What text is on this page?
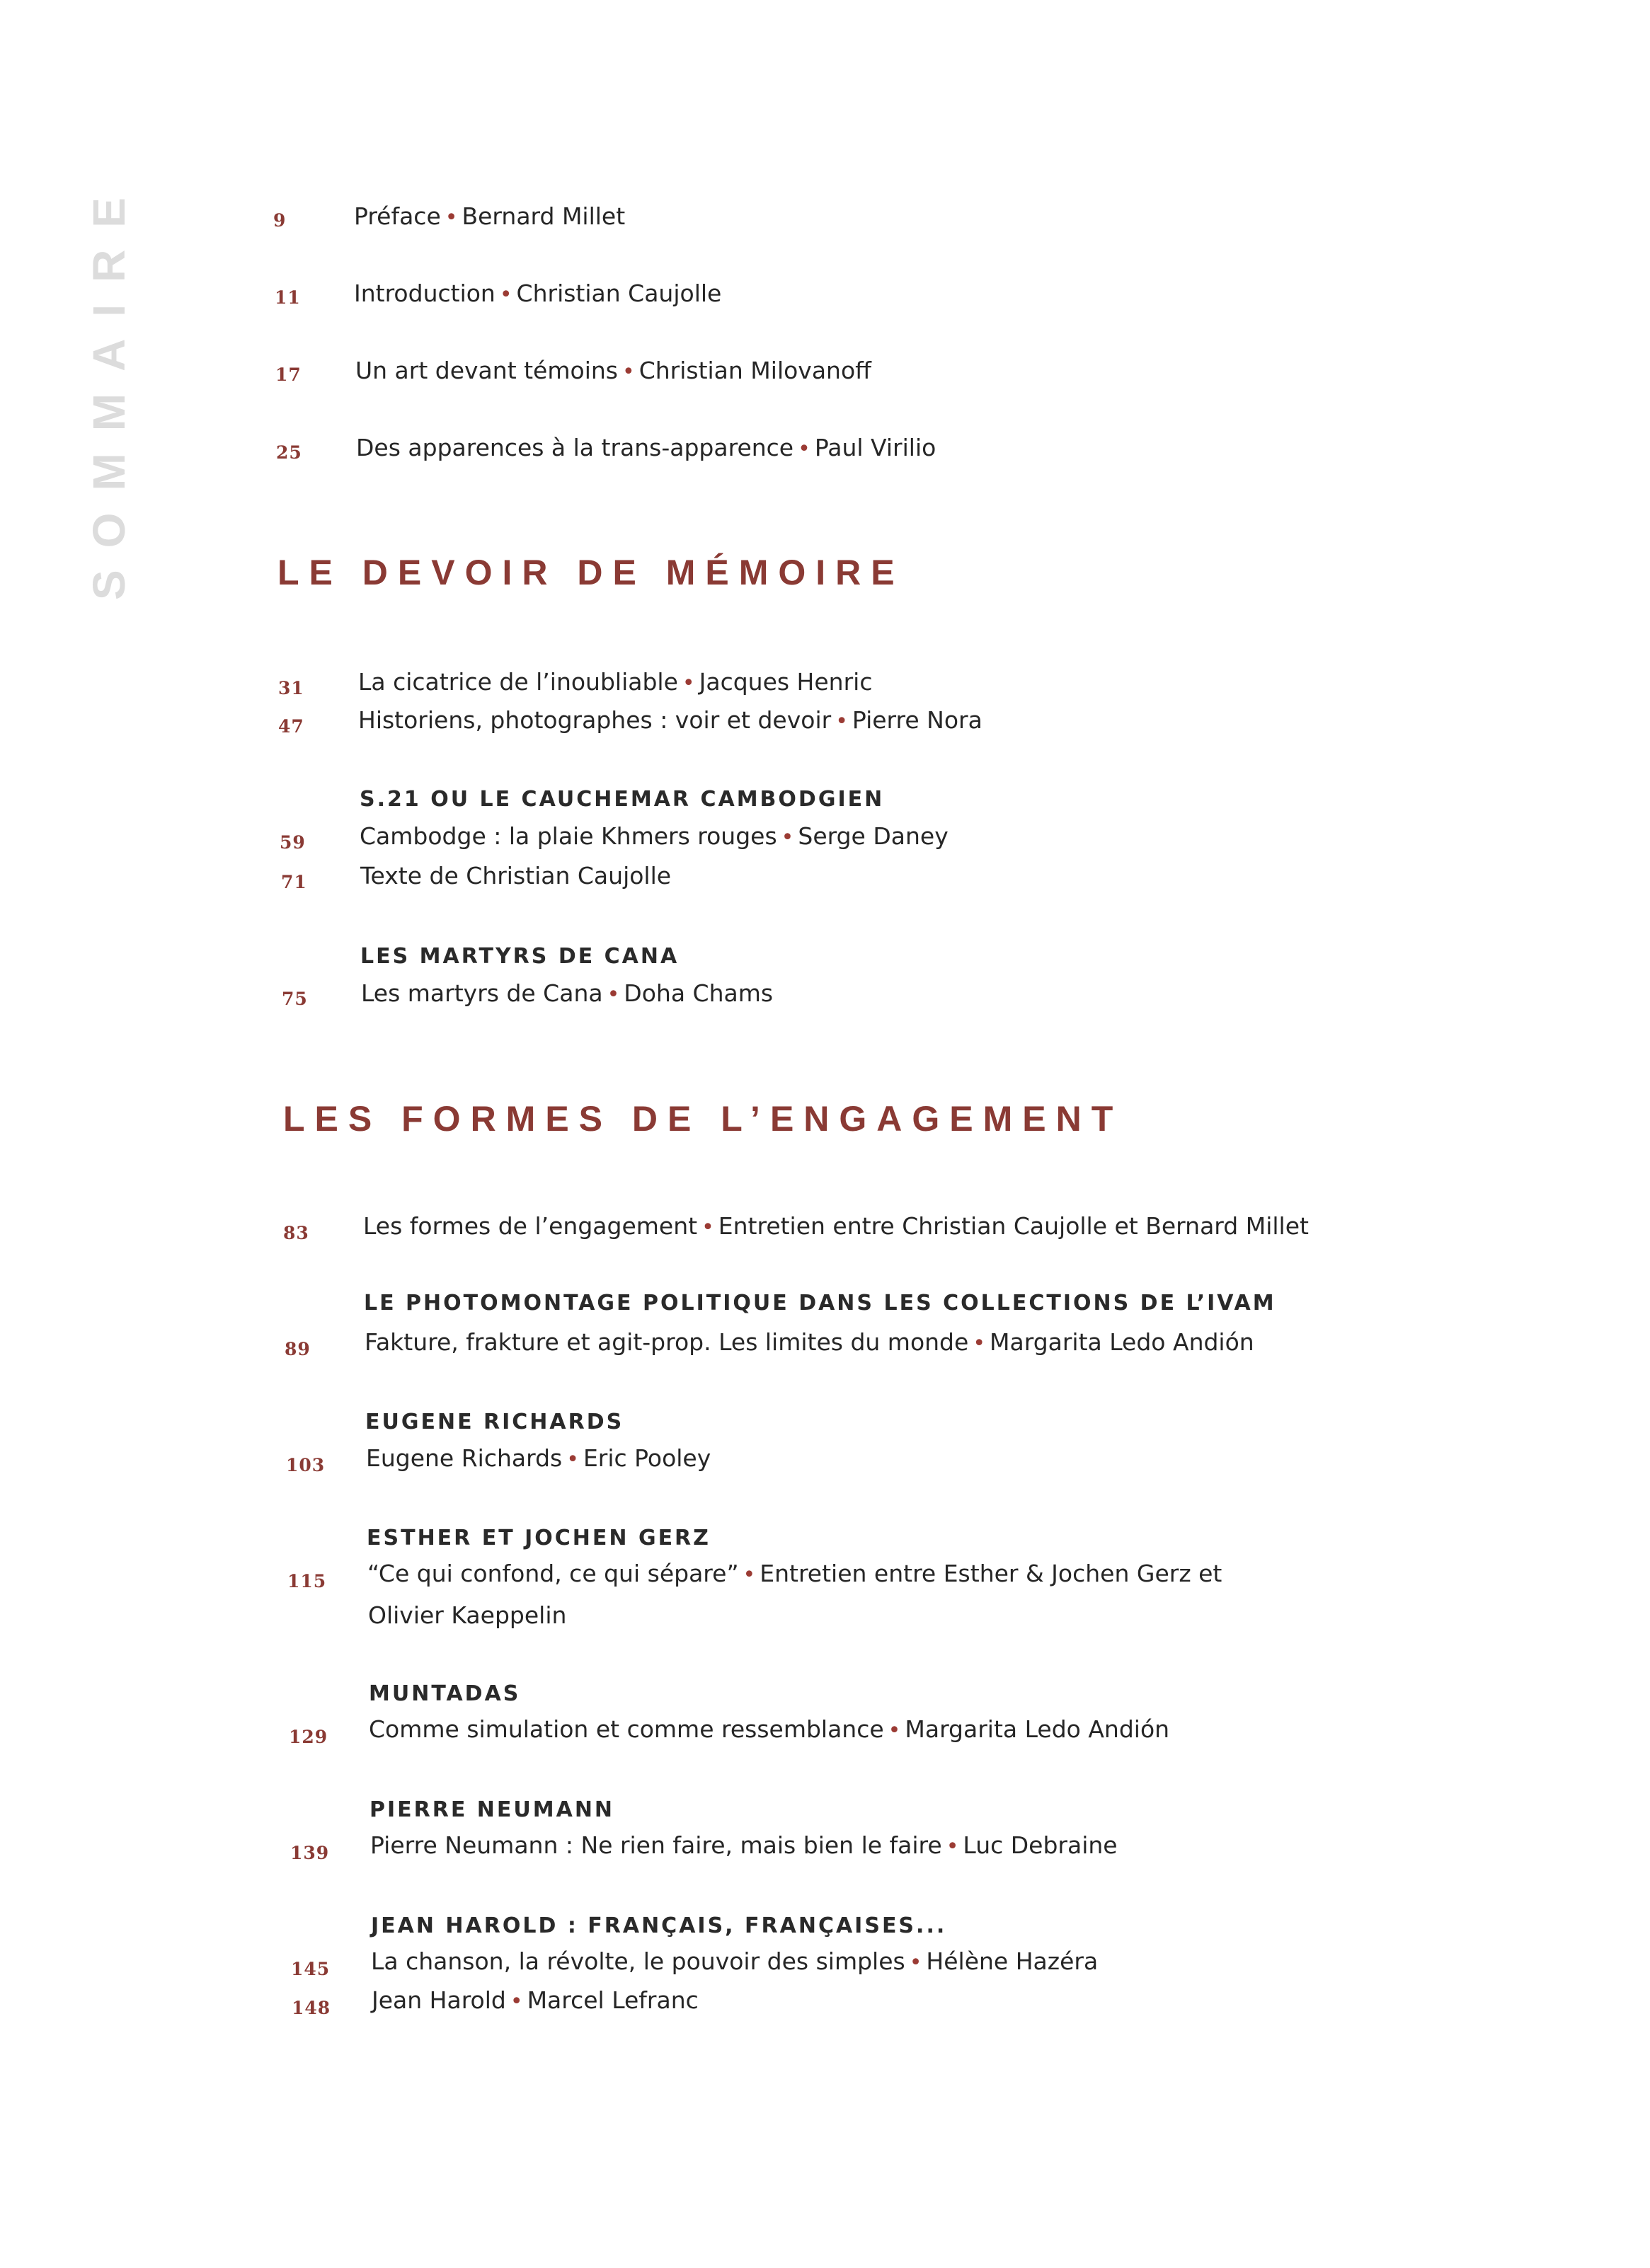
SOMMAIRE	9	Préface • Bernard Millet
11	Introduction • Christian Caujolle
17	Un art devant témoins • Christian Milovanoff
25	Des apparences à la trans-apparence • Paul Virilio
LE DEVOIR DE MÉMOIRE
31	La cicatrice de l’inoubliable • Jacques Henric
47	Historiens, photographes : voir et devoir • Pierre Nora
S.21 OU LE CAUCHEMAR CAMBODGIEN
59	Cambodge : la plaie Khmers rouges • Serge Daney
71	Texte de Christian Caujolle
LES MARTYRS DE CANA
75	Les martyrs de Cana • Doha Chams
LES FORMES DE L’ENGAGEMENT
83	Les formes de l’engagement • Entretien entre Christian Caujolle et Bernard Millet
LE PHOTOMONTAGE POLITIQUE DANS LES COLLECTIONS DE L’IVAM
89	Fakture, frakture et agit-prop. Les limites du monde • Margarita Ledo Andión
EUGENE RICHARDS
103	Eugene Richards • Eric Pooley
ESTHER ET JOCHEN GERZ
115	“Ce qui confond, ce qui sépare” • Entretien entre Esther & Jochen Gerz et
Olivier Kaeppelin
MUNTADAS
129	Comme simulation et comme ressemblance • Margarita Ledo Andión
PIERRE NEUMANN
139	Pierre Neumann : Ne rien faire, mais bien le faire • Luc Debraine
JEAN HAROLD : FRANÇAIS, FRANÇAISES...
145	La chanson, la révolte, le pouvoir des simples • Hélène Hazéra
148	Jean Harold • Marcel Lefranc
